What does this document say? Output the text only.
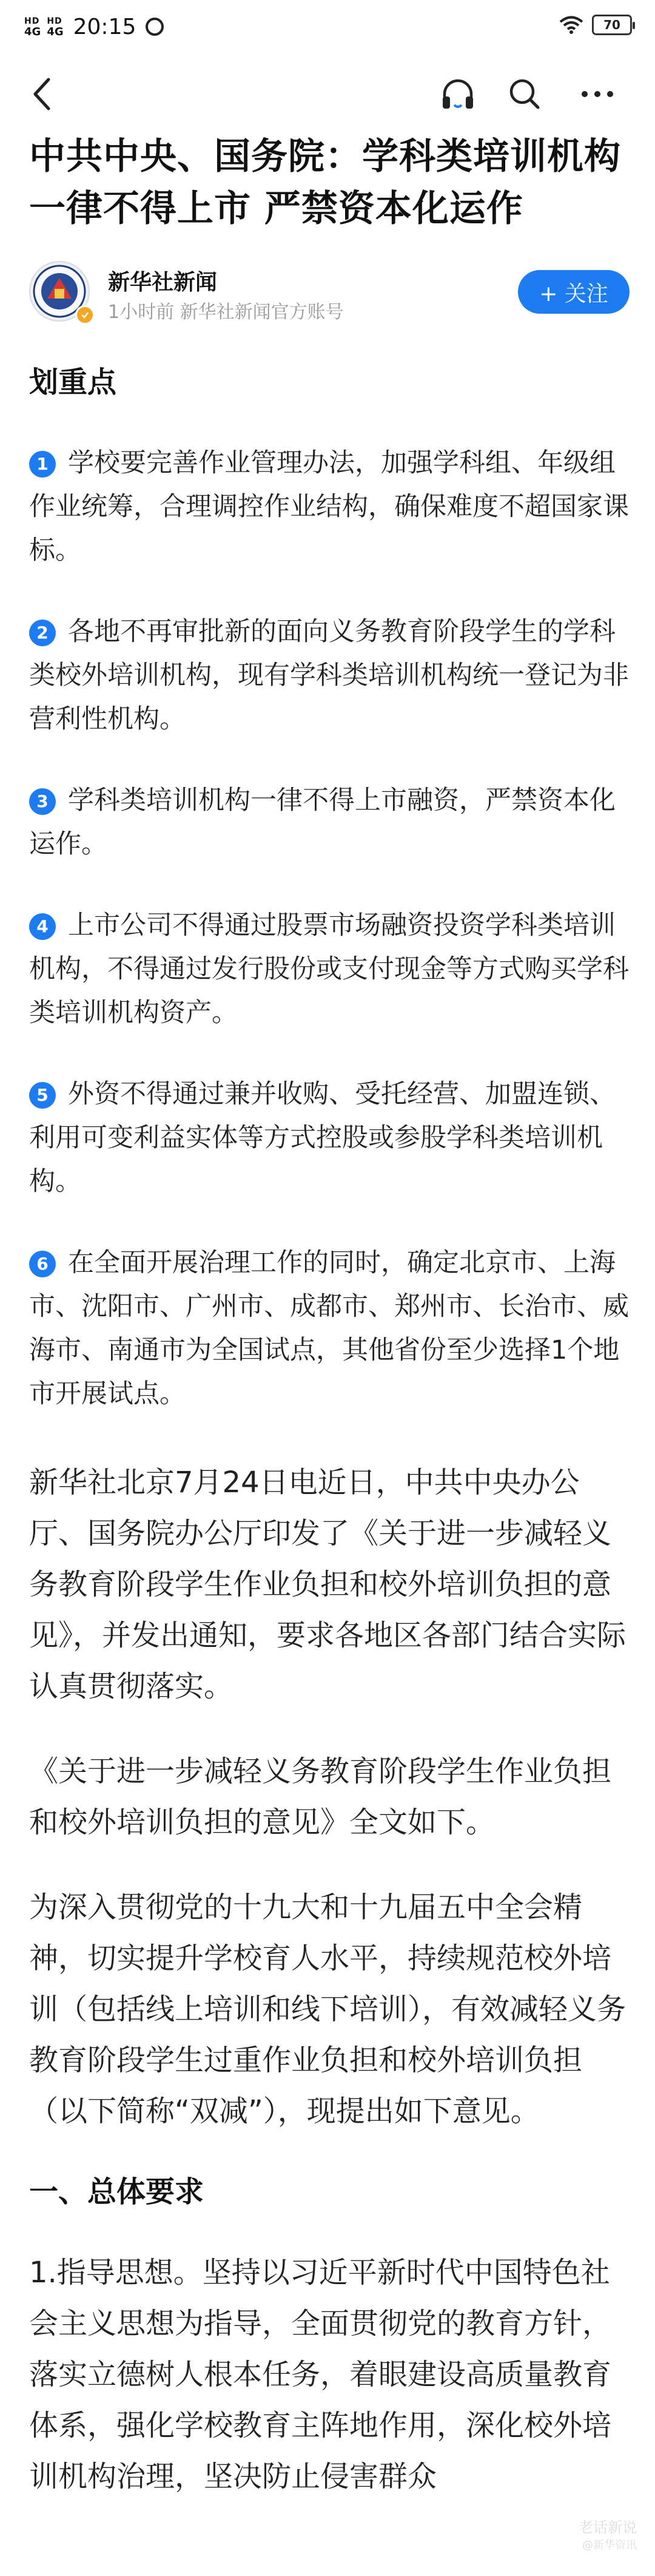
HD
4G
HD
4G 20:15	70
中共中央、国务院：学科类培训机构一律不得上市 严禁资本化运作
新华社新闻
1小时前 新华社新闻官方账号
+ 关注
划重点

1 学校要完善作业管理办法，加强学科组、年级组作业统筹，合理调控作业结构，确保难度不超国家课标。

2 各地不再审批新的面向义务教育阶段学生的学科类校外培训机构，现有学科类培训机构统一登记为非营利性机构。

3 学科类培训机构一律不得上市融资，严禁资本化运作。

4 上市公司不得通过股票市场融资投资学科类培训机构，不得通过发行股份或支付现金等方式购买学科类培训机构资产。

5 外资不得通过兼并收购、受托经营、加盟连锁、利用可变利益实体等方式控股或参股学科类培训机构。

6 在全面开展治理工作的同时，确定北京市、上海市、沈阳市、广州市、成都市、郑州市、长治市、威海市、南通市为全国试点，其他省份至少选择1个地市开展试点。

新华社北京7月24日电近日，中共中央办公厅、国务院办公厅印发了《关于进一步减轻义务教育阶段学生作业负担和校外培训负担的意见》，并发出通知，要求各地区各部门结合实际认真贯彻落实。

《关于进一步减轻义务教育阶段学生作业负担和校外培训负担的意见》全文如下。

为深入贯彻党的十九大和十九届五中全会精神，切实提升学校育人水平，持续规范校外培训（包括线上培训和线下培训），有效减轻义务教育阶段学生过重作业负担和校外培训负担（以下简称“双减”），现提出如下意见。

一、总体要求

1.指导思想。坚持以习近平新时代中国特色社会主义思想为指导，全面贯彻党的教育方针，落实立德树人根本任务，着眼建设高质量教育体系，强化学校教育主阵地作用，深化校外培训机构治理，坚决防止侵害群众

老话新说
@新华资讯
